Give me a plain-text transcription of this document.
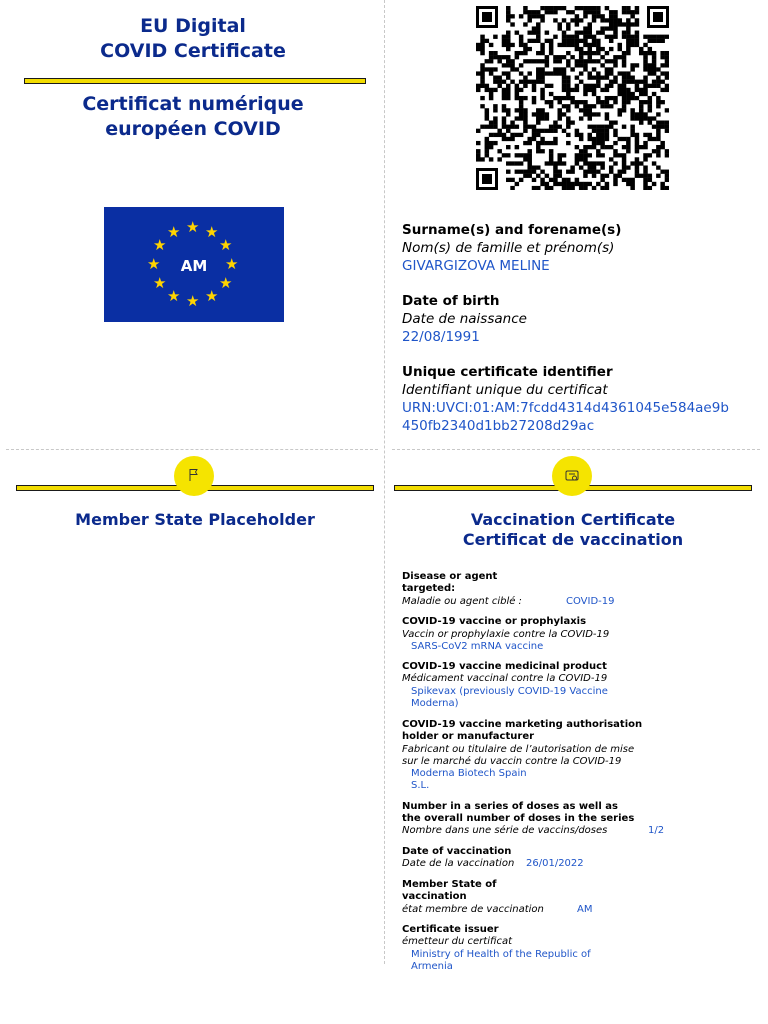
EU Digital
COVID Certificate
Certificat numérique
européen COVID
★ ★
★
★
★
★
★
★
★
★
★
★
AM
Surname(s) and forename(s)
Nom(s) de famille et prénom(s)
GIVARGIZOVA MELINE
Date of birth
Date de naissance
22/08/1991
Unique certificate identifier
Identifiant unique du certificat
URN:UVCI:01:AM:7fcdd4314d4361045e584ae9b
450fb2340d1bb27208d29ac
Member State Placeholder	Vaccination Certificate
Certificat de vaccination
Disease or agent
targeted:
Maladie ou agent ciblé :	COVID-19
COVID-19 vaccine or prophylaxis
Vaccin or prophylaxie contre la COVID-19
SARS-CoV2 mRNA vaccine
COVID-19 vaccine medicinal product
Médicament vaccinal contre la COVID-19
Spikevax (previously COVID-19 Vaccine
Moderna)
COVID-19 vaccine marketing authorisation
holder or manufacturer
Fabricant ou titulaire de l’autorisation de mise
sur le marché du vaccin contre la COVID-19
Moderna Biotech Spain
S.L.
Number in a series of doses as well as
the overall number of doses in the series
Nombre dans une série de vaccins/doses	1/2
Date of vaccination
Date de la vaccination 26/01/2022
Member State of
vaccination
état membre de vaccination	AM
Certificate issuer
émetteur du certificat
Ministry of Health of the Republic of
Armenia
